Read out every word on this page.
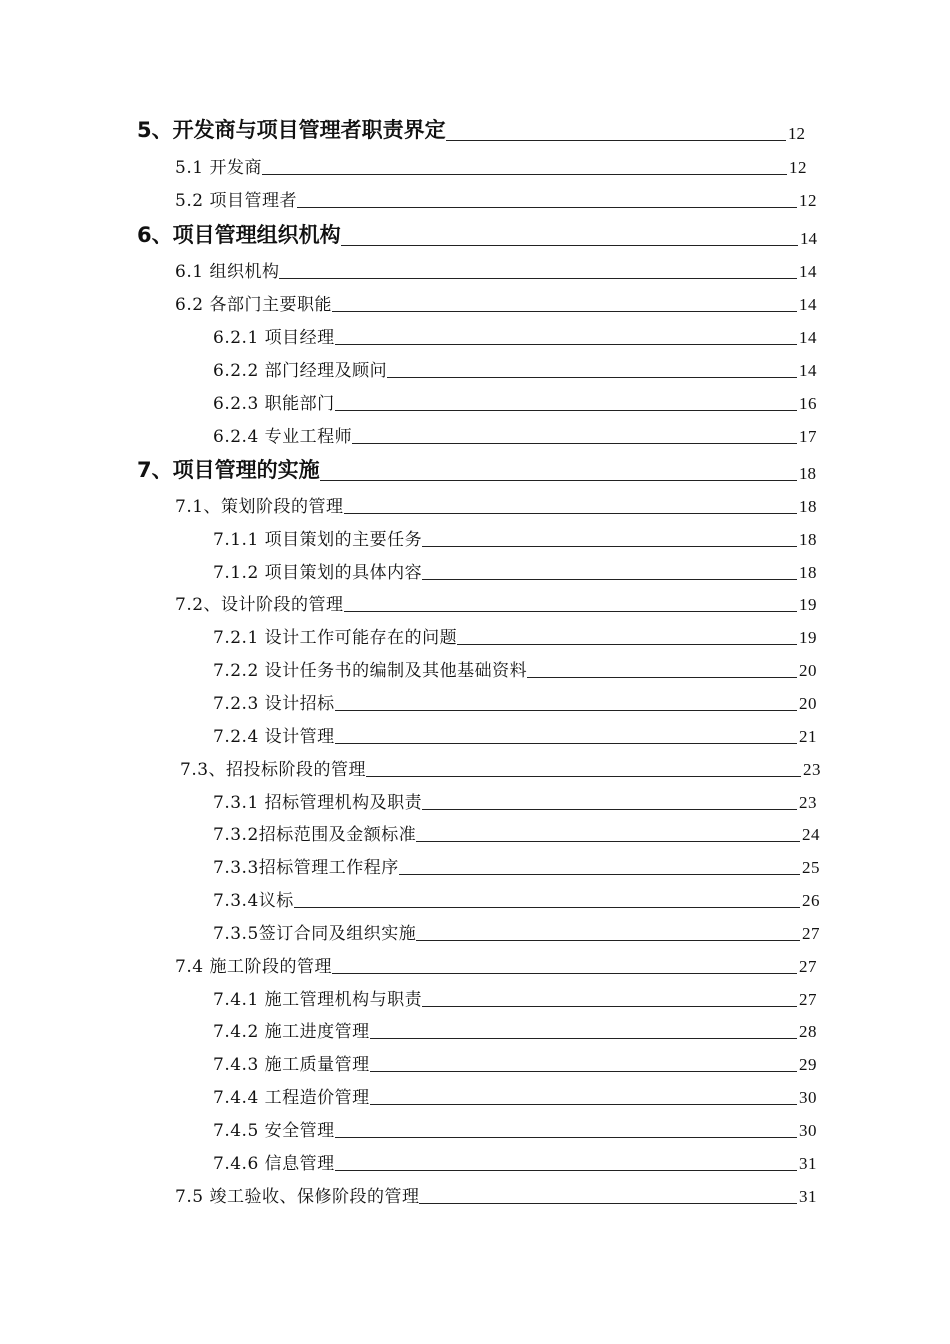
5、开发商与项目管理者职责界定	12
5.1 开发商	12
5.2 项目管理者	12
6、项目管理组织机构	14
6.1 组织机构	14
6.2 各部门主要职能	14
6.2.1 项目经理	14
6.2.2 部门经理及顾问	14
6.2.3 职能部门	16
6.2.4 专业工程师	17
7、项目管理的实施	18
7.1、策划阶段的管理	18
7.1.1 项目策划的主要任务	18
7.1.2 项目策划的具体内容	18
7.2、设计阶段的管理	19
7.2.1 设计工作可能存在的问题	19
7.2.2 设计任务书的编制及其他基础资料	20
7.2.3 设计招标	20
7.2.4 设计管理	21
7.3、招投标阶段的管理	23
7.3.1 招标管理机构及职责	23
7.3.2招标范围及金额标准	24
7.3.3招标管理工作程序	25
7.3.4议标	26
7.3.5签订合同及组织实施	27
7.4 施工阶段的管理	27
7.4.1 施工管理机构与职责	27
7.4.2 施工进度管理	28
7.4.3 施工质量管理	29
7.4.4 工程造价管理	30
7.4.5 安全管理	30
7.4.6 信息管理	31
7.5 竣工验收、保修阶段的管理	31
